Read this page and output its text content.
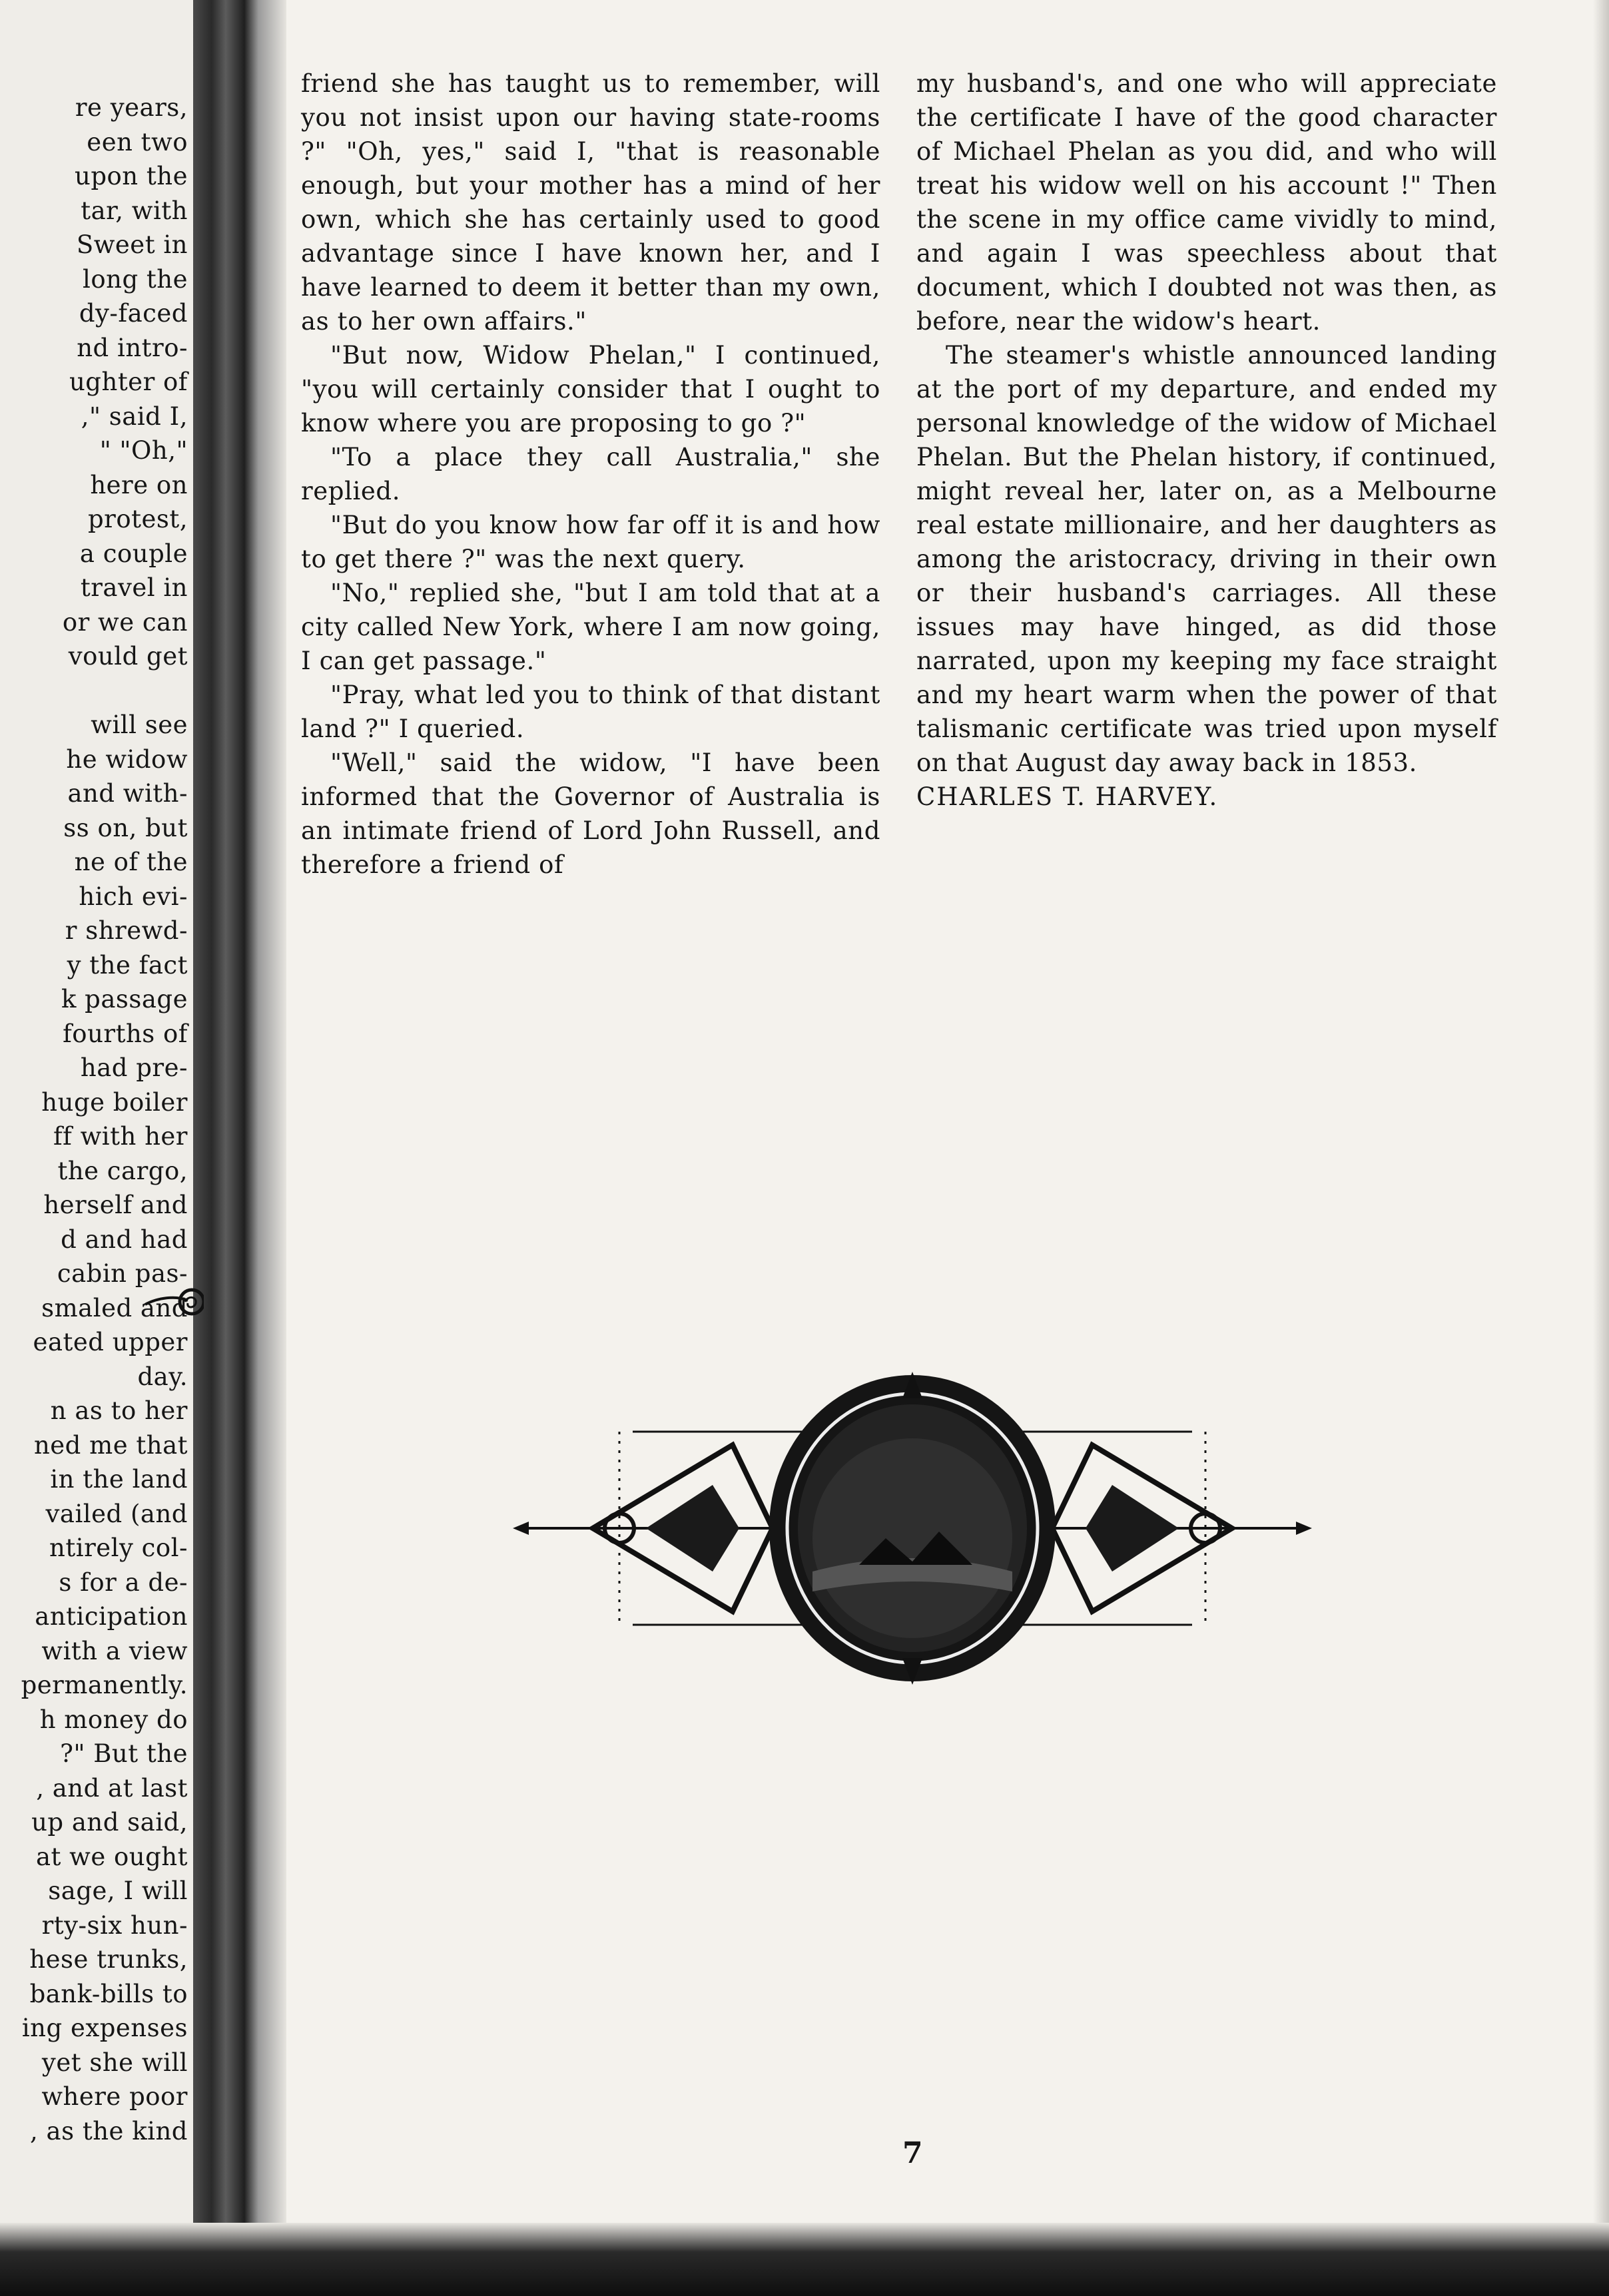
re years,
een two
upon the
tar, with
Sweet in
long the
dy-faced
nd intro-
ughter of
," said I,
" "Oh,"
here on
protest,
a couple
travel in
or we can
vould get
will see
he widow
and with-
ss on, but
ne of the
hich evi-
r shrewd-
y the fact
k passage
fourths of
had pre-
huge boiler
ff with her
the cargo,
herself and
d and had
cabin pas-
smaled and
eated upper
day.
n as to her
ned me that
in the land
vailed (and
ntirely col-
s for a de-
anticipation
with a view
permanently.
h money do
?" But the
, and at last
up and said,
at we ought
sage, I will
rty-six hun-
hese trunks,
bank-bills to
ing expenses
yet she will
where poor
, as the kind

friend she has taught us to remember, will you not insist upon our having state-rooms ?" "Oh, yes," said I, "that is reasonable enough, but your mother has a mind of her own, which she has certainly used to good advantage since I have known her, and I have learned to deem it better than my own, as to her own affairs."

"But now, Widow Phelan," I continued, "you will certainly consider that I ought to know where you are proposing to go ?"

"To a place they call Australia," she replied.

"But do you know how far off it is and how to get there ?" was the next query.

"No," replied she, "but I am told that at a city called New York, where I am now going, I can get passage."

"Pray, what led you to think of that distant land ?" I queried.

"Well," said the widow, "I have been informed that the Governor of Australia is an intimate friend of Lord John Russell, and therefore a friend of

my husband's, and one who will appreciate the certificate I have of the good character of Michael Phelan as you did, and who will treat his widow well on his account !" Then the scene in my office came vividly to mind, and again I was speechless about that document, which I doubted not was then, as before, near the widow's heart.

The steamer's whistle announced landing at the port of my departure, and ended my personal knowledge of the widow of Michael Phelan. But the Phelan history, if continued, might reveal her, later on, as a Melbourne real estate millionaire, and her daughters as among the aristocracy, driving in their own or their husband's carriages. All these issues may have hinged, as did those narrated, upon my keeping my face straight and my heart warm when the power of that talismanic certificate was tried upon myself on that August day away back in 1853.

CHARLES T. HARVEY.

7
